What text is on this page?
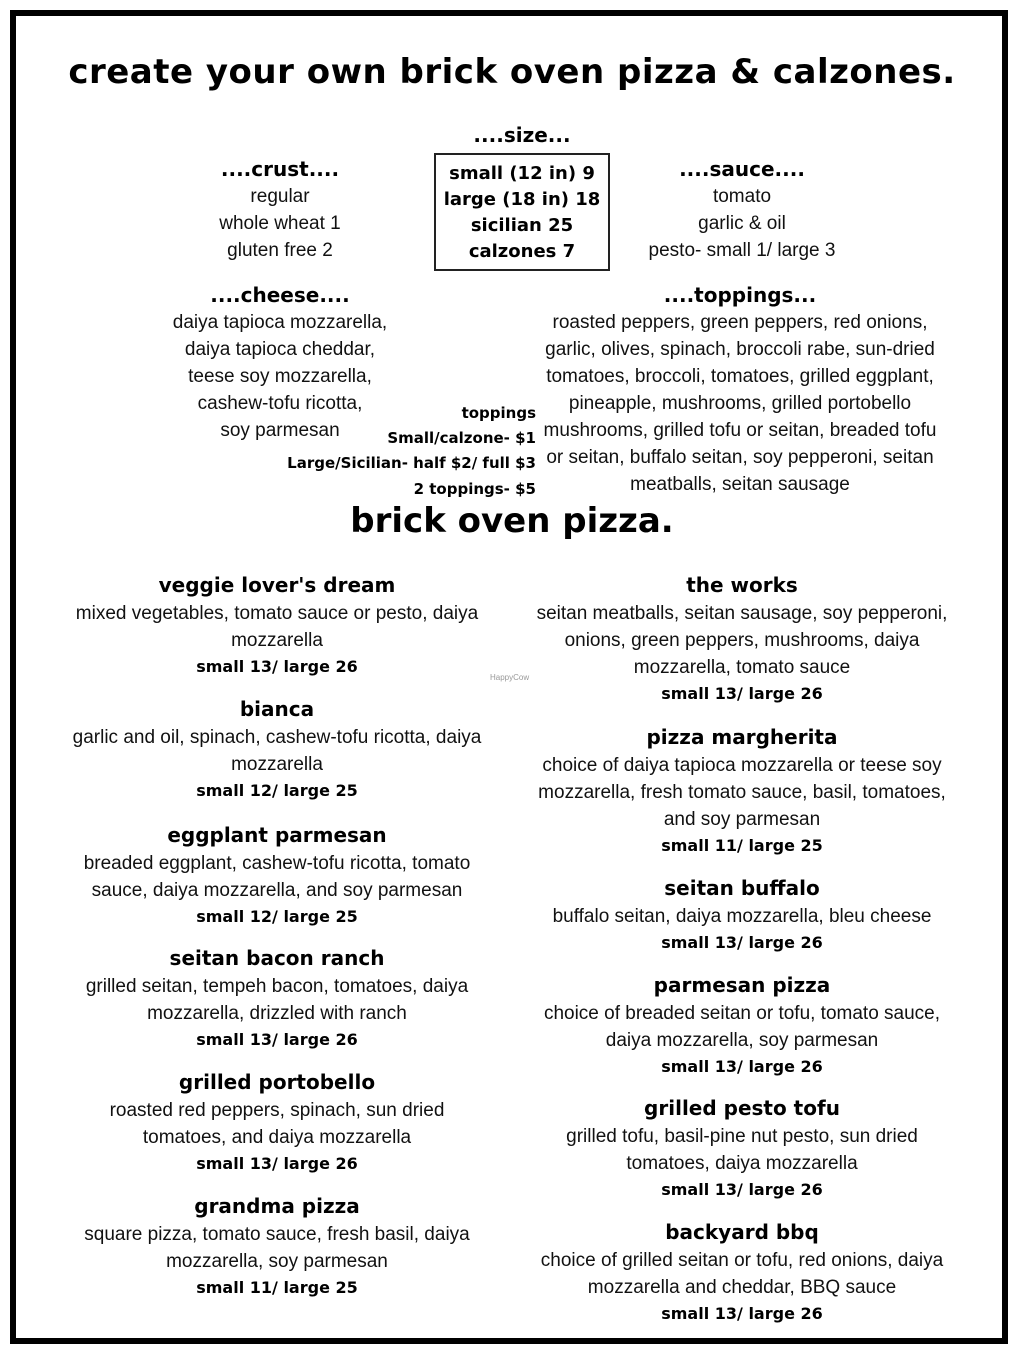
create your own brick oven pizza & calzones.
....size...
small (12 in) 9
large (18 in) 18
sicilian 25
calzones 7
....crust....
regular
whole wheat 1
gluten free 2
....sauce....
tomato
garlic & oil
pesto- small 1/ large 3
....cheese....
daiya tapioca mozzarella,
daiya tapioca cheddar,
teese soy mozzarella,
cashew-tofu ricotta,
soy parmesan
....toppings...
roasted peppers, green peppers, red onions,
garlic, olives, spinach, broccoli rabe, sun-dried
tomatoes, broccoli, tomatoes, grilled eggplant,
pineapple, mushrooms, grilled portobello
mushrooms, grilled tofu or seitan, breaded tofu
or seitan, buffalo seitan, soy pepperoni, seitan
meatballs, seitan sausage
toppings
Small/calzone- $1
Large/Sicilian- half $2/ full $3
2 toppings- $5
brick oven pizza.
HappyCow
veggie lover's dream
mixed vegetables, tomato sauce or pesto, daiya
mozzarella
small 13/ large 26
bianca
garlic and oil, spinach, cashew-tofu ricotta, daiya
mozzarella
small 12/ large 25
eggplant parmesan
breaded eggplant, cashew-tofu ricotta, tomato
sauce, daiya mozzarella, and soy parmesan
small 12/ large 25
seitan bacon ranch
grilled seitan, tempeh bacon, tomatoes, daiya
mozzarella, drizzled with ranch
small 13/ large 26
grilled portobello
roasted red peppers, spinach, sun dried
tomatoes, and daiya mozzarella
small 13/ large 26
grandma pizza
square pizza, tomato sauce, fresh basil, daiya
mozzarella, soy parmesan
small 11/ large 25
the works
seitan meatballs, seitan sausage, soy pepperoni,
onions, green peppers, mushrooms, daiya
mozzarella, tomato sauce
small 13/ large 26
pizza margherita
choice of daiya tapioca mozzarella or teese soy
mozzarella, fresh tomato sauce, basil, tomatoes,
and soy parmesan
small 11/ large 25
seitan buffalo
buffalo seitan, daiya mozzarella, bleu cheese
small 13/ large 26
parmesan pizza
choice of breaded seitan or tofu, tomato sauce,
daiya mozzarella, soy parmesan
small 13/ large 26
grilled pesto tofu
grilled tofu, basil-pine nut pesto, sun dried
tomatoes, daiya mozzarella
small 13/ large 26
backyard bbq
choice of grilled seitan or tofu, red onions, daiya
mozzarella and cheddar, BBQ sauce
small 13/ large 26
